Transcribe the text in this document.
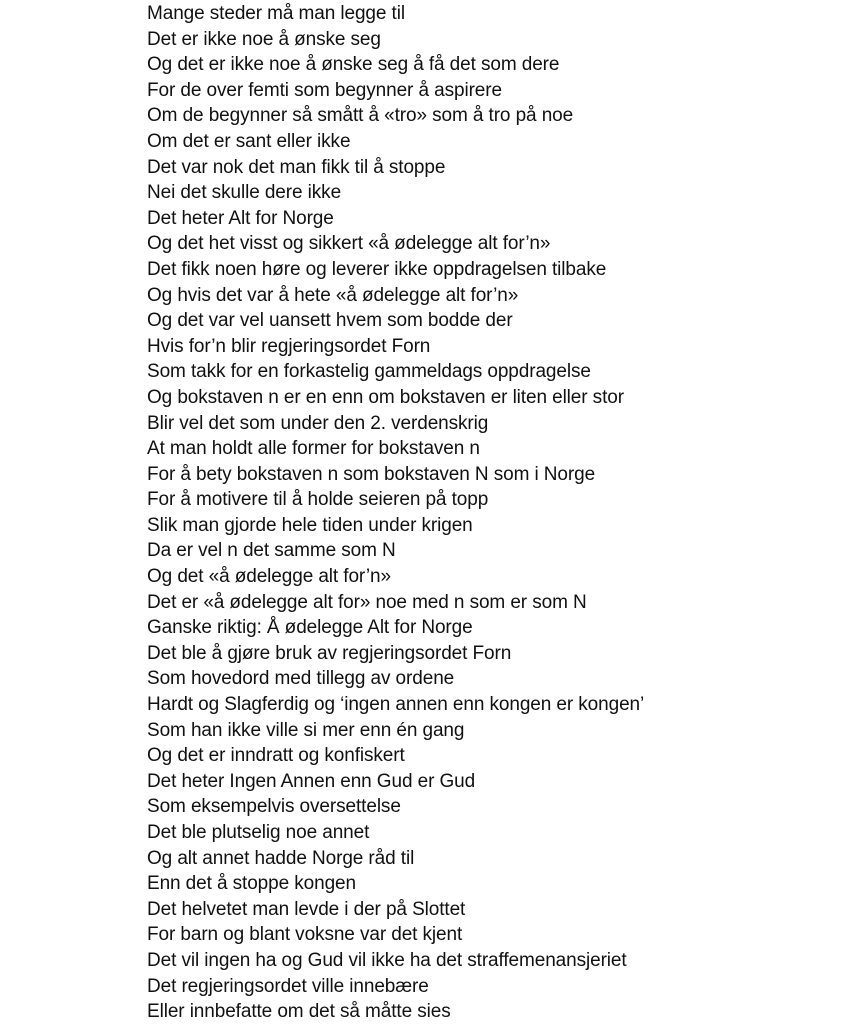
Mange steder må man legge til
Det er ikke noe å ønske seg
Og det er ikke noe å ønske seg å få det som dere
For de over femti som begynner å aspirere
Om de begynner så smått å «tro» som å tro på noe
Om det er sant eller ikke
Det var nok det man fikk til å stoppe
Nei det skulle dere ikke
Det heter Alt for Norge
Og det het visst og sikkert «å ødelegge alt for’n»
Det fikk noen høre og leverer ikke oppdragelsen tilbake
Og hvis det var å hete «å ødelegge alt for’n»
Og det var vel uansett hvem som bodde der
Hvis for’n blir regjeringsordet Forn
Som takk for en forkastelig gammeldags oppdragelse
Og bokstaven n er en enn om bokstaven er liten eller stor
Blir vel det som under den 2. verdenskrig
At man holdt alle former for bokstaven n
For å bety bokstaven n som bokstaven N som i Norge
For å motivere til å holde seieren på topp
Slik man gjorde hele tiden under krigen
Da er vel n det samme som N
Og det «å ødelegge alt for’n»
Det er «å ødelegge alt for» noe med n som er som N
Ganske riktig: Å ødelegge Alt for Norge
Det ble å gjøre bruk av regjeringsordet Forn
Som hovedord med tillegg av ordene
Hardt og Slagferdig og ‘ingen annen enn kongen er kongen’
Som han ikke ville si mer enn én gang
Og det er inndratt og konfiskert
Det heter Ingen Annen enn Gud er Gud
Som eksempelvis oversettelse
Det ble plutselig noe annet
Og alt annet hadde Norge råd til
Enn det å stoppe kongen
Det helvetet man levde i der på Slottet
For barn og blant voksne var det kjent
Det vil ingen ha og Gud vil ikke ha det straffemenansjeriet
Det regjeringsordet ville innebære
Eller innbefatte om det så måtte sies
